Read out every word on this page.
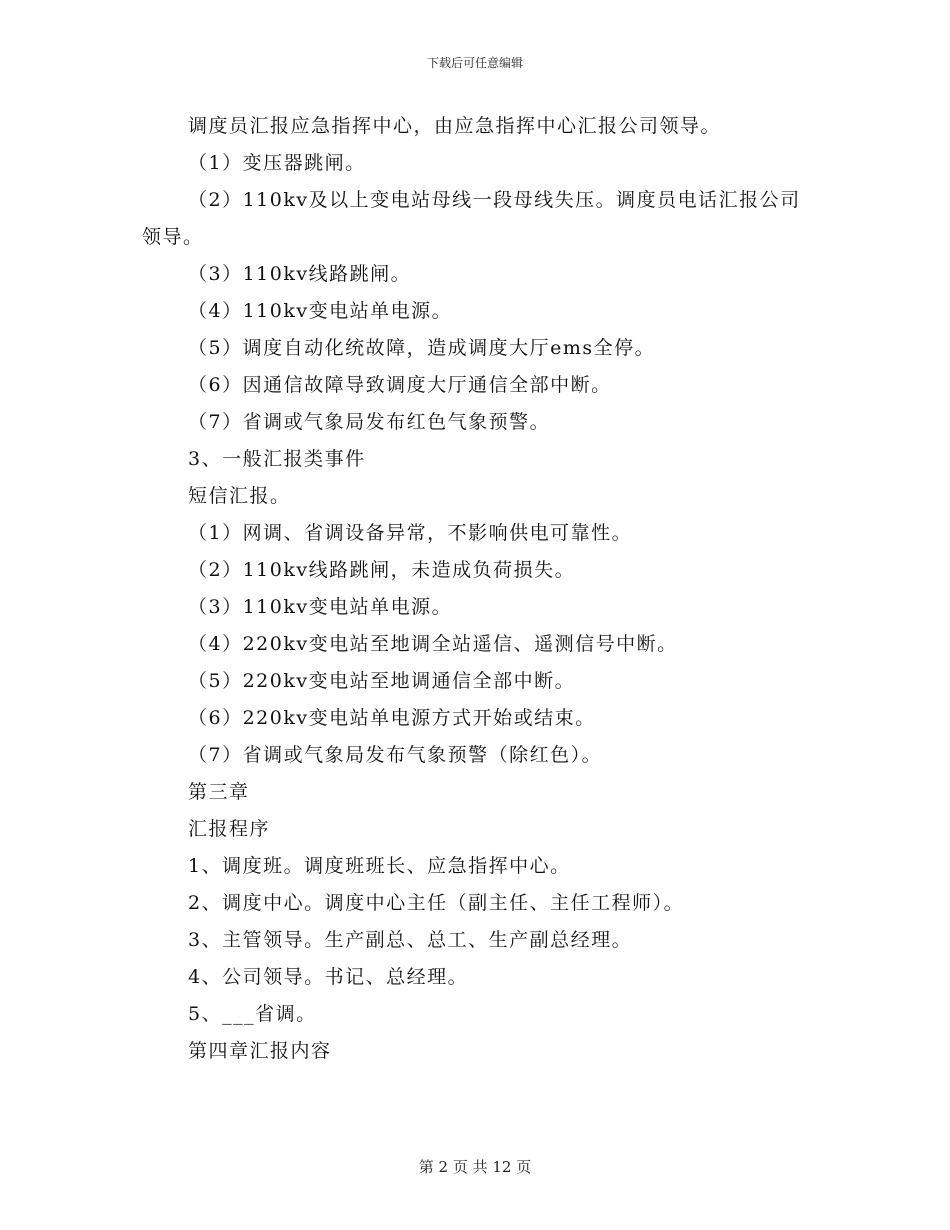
下载后可任意编辑

调度员汇报应急指挥中心，由应急指挥中心汇报公司领导。

（1）变压器跳闸。

（2）110kv及以上变电站母线一段母线失压。调度员电话汇报公司领导。

（3）110kv线路跳闸。

（4）110kv变电站单电源。

（5）调度自动化统故障，造成调度大厅ems全停。

（6）因通信故障导致调度大厅通信全部中断。

（7）省调或气象局发布红色气象预警。

3、一般汇报类事件

短信汇报。

（1）网调、省调设备异常，不影响供电可靠性。

（2）110kv线路跳闸，未造成负荷损失。

（3）110kv变电站单电源。

（4）220kv变电站至地调全站遥信、遥测信号中断。

（5）220kv变电站至地调通信全部中断。

（6）220kv变电站单电源方式开始或结束。

（7）省调或气象局发布气象预警（除红色）。

第三章

汇报程序

1、调度班。调度班班长、应急指挥中心。

2、调度中心。调度中心主任（副主任、主任工程师）。

3、主管领导。生产副总、总工、生产副总经理。

4、公司领导。书记、总经理。

5、___省调。

第四章汇报内容

第 2 页 共 12 页
